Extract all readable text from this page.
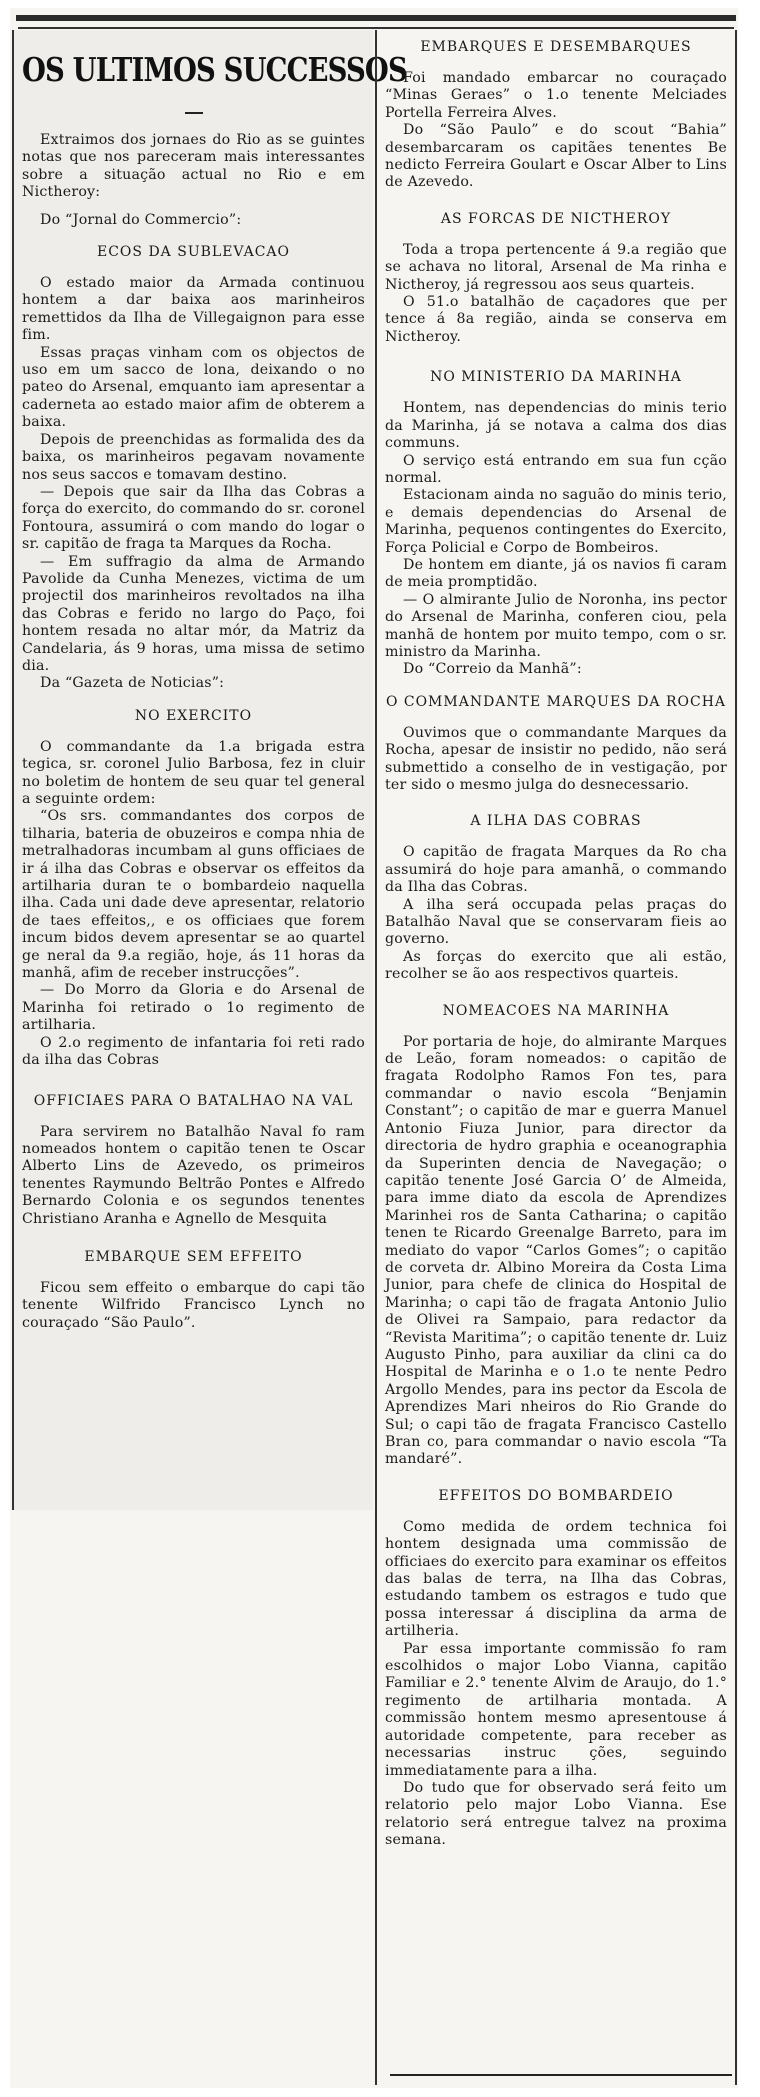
OS ULTIMOS SUCCESSOS

Extraimos dos jornaes do Rio as se guintes notas que nos pareceram mais interessantes sobre a situação actual no Rio e em Nictheroy:

Do “Jornal do Commercio”:

ECOS DA SUBLEVACAO

O estado maior da Armada continuou hontem a dar baixa aos marinheiros remettidos da Ilha de Villegaignon para esse fim.

Essas praças vinham com os objectos de uso em um sacco de lona, deixando o no pateo do Arsenal, emquanto iam apresentar a caderneta ao estado maior afim de obterem a baixa.

Depois de preenchidas as formalida des da baixa, os marinheiros pegavam novamente nos seus saccos e tomavam destino.

— Depois que sair da Ilha das Cobras a força do exercito, do commando do sr. coronel Fontoura, assumirá o com mando do logar o sr. capitão de fraga ta Marques da Rocha.

— Em suffragio da alma de Armando Pavolide da Cunha Menezes, victima de um projectil dos marinheiros revoltados na ilha das Cobras e ferido no largo do Paço, foi hontem resada no altar mór, da Matriz da Candelaria, ás 9 horas, uma missa de setimo dia.

Da “Gazeta de Noticias”:

NO EXERCITO

O commandante da 1.a brigada estra tegica, sr. coronel Julio Barbosa, fez in cluir no boletim de hontem de seu quar tel general a seguinte ordem:

“Os srs. commandantes dos corpos de tilharia, bateria de obuzeiros e compa nhia de metralhadoras incumbam al guns officiaes de ir á ilha das Cobras e observar os effeitos da artilharia duran te o bombardeio naquella ilha. Cada uni dade deve apresentar, relatorio de taes effeitos,, e os officiaes que forem incum bidos devem apresentar se ao quartel ge neral da 9.a região, hoje, ás 11 horas da manhã, afim de receber instrucções”.

— Do Morro da Gloria e do Arsenal de Marinha foi retirado o 1o regimento de artilharia.

O 2.o regimento de infantaria foi reti rado da ilha das Cobras

OFFICIAES PARA O BATALHAO NA VAL

Para servirem no Batalhão Naval fo ram nomeados hontem o capitão tenen te Oscar Alberto Lins de Azevedo, os primeiros tenentes Raymundo Beltrão Pontes e Alfredo Bernardo Colonia e os segundos tenentes Christiano Aranha e Agnello de Mesquita

EMBARQUE SEM EFFEITO

Ficou sem effeito o embarque do capi tão tenente Wilfrido Francisco Lynch no couraçado “São Paulo”.

EMBARQUES E DESEMBARQUES

Foi mandado embarcar no couraçado “Minas Geraes” o 1.o tenente Melciades Portella Ferreira Alves.

Do “São Paulo” e do scout “Bahia” desembarcaram os capitães tenentes Be nedicto Ferreira Goulart e Oscar Alber to Lins de Azevedo.

AS FORCAS DE NICTHEROY

Toda a tropa pertencente á 9.a região que se achava no litoral, Arsenal de Ma rinha e Nictheroy, já regressou aos seus quarteis.

O 51.o batalhão de caçadores que per tence á 8a região, ainda se conserva em Nictheroy.

NO MINISTERIO DA MARINHA

Hontem, nas dependencias do minis terio da Marinha, já se notava a calma dos dias communs.

O serviço está entrando em sua fun cção normal.

Estacionam ainda no saguão do minis terio, e demais dependencias do Arsenal de Marinha, pequenos contingentes do Exercito, Força Policial e Corpo de Bombeiros.

De hontem em diante, já os navios fi caram de meia promptidão.

— O almirante Julio de Noronha, ins pector do Arsenal de Marinha, conferen ciou, pela manhã de hontem por muito tempo, com o sr. ministro da Marinha.

Do “Correio da Manhã”:

O COMMANDANTE MARQUES DA ROCHA

Ouvimos que o commandante Marques da Rocha, apesar de insistir no pedido, não será submettido a conselho de in vestigação, por ter sido o mesmo julga do desnecessario.

A ILHA DAS COBRAS

O capitão de fragata Marques da Ro cha assumirá do hoje para amanhã, o commando da Ilha das Cobras.

A ilha será occupada pelas praças do Batalhão Naval que se conservaram fieis ao governo.

As forças do exercito que ali estão, recolher se ão aos respectivos quarteis.

NOMEACOES NA MARINHA

Por portaria de hoje, do almirante Marques de Leão, foram nomeados: o capitão de fragata Rodolpho Ramos Fon tes, para commandar o navio escola “Benjamin Constant”; o capitão de mar e guerra Manuel Antonio Fiuza Junior, para director da directoria de hydro graphia e oceanographia da Superinten dencia de Navegação; o capitão tenente José Garcia O’ de Almeida, para imme diato da escola de Aprendizes Marinhei ros de Santa Catharina; o capitão tenen te Ricardo Greenalge Barreto, para im mediato do vapor “Carlos Gomes”; o capitão de corveta dr. Albino Moreira da Costa Lima Junior, para chefe de clinica do Hospital de Marinha; o capi tão de fragata Antonio Julio de Olivei ra Sampaio, para redactor da “Revista Maritima”; o capitão tenente dr. Luiz Augusto Pinho, para auxiliar da clini ca do Hospital de Marinha e o 1.o te nente Pedro Argollo Mendes, para ins pector da Escola de Aprendizes Mari nheiros do Rio Grande do Sul; o capi tão de fragata Francisco Castello Bran co, para commandar o navio escola “Ta mandaré”.

EFFEITOS DO BOMBARDEIO

Como medida de ordem technica foi hontem designada uma commissão de officiaes do exercito para examinar os effeitos das balas de terra, na Ilha das Cobras, estudando tambem os estragos e tudo que possa interessar á disciplina da arma de artilheria.

Par essa importante commissão fo ram escolhidos o major Lobo Vianna, capitão Familiar e 2.° tenente Alvim de Araujo, do 1.° regimento de artilharia montada. A commissão hontem mesmo apresentouse á autoridade competente, para receber as necessarias instruc ções, seguindo immediatamente para a ilha.

Do tudo que for observado será feito um relatorio pelo major Lobo Vianna. Ese relatorio será entregue talvez na proxima semana.
